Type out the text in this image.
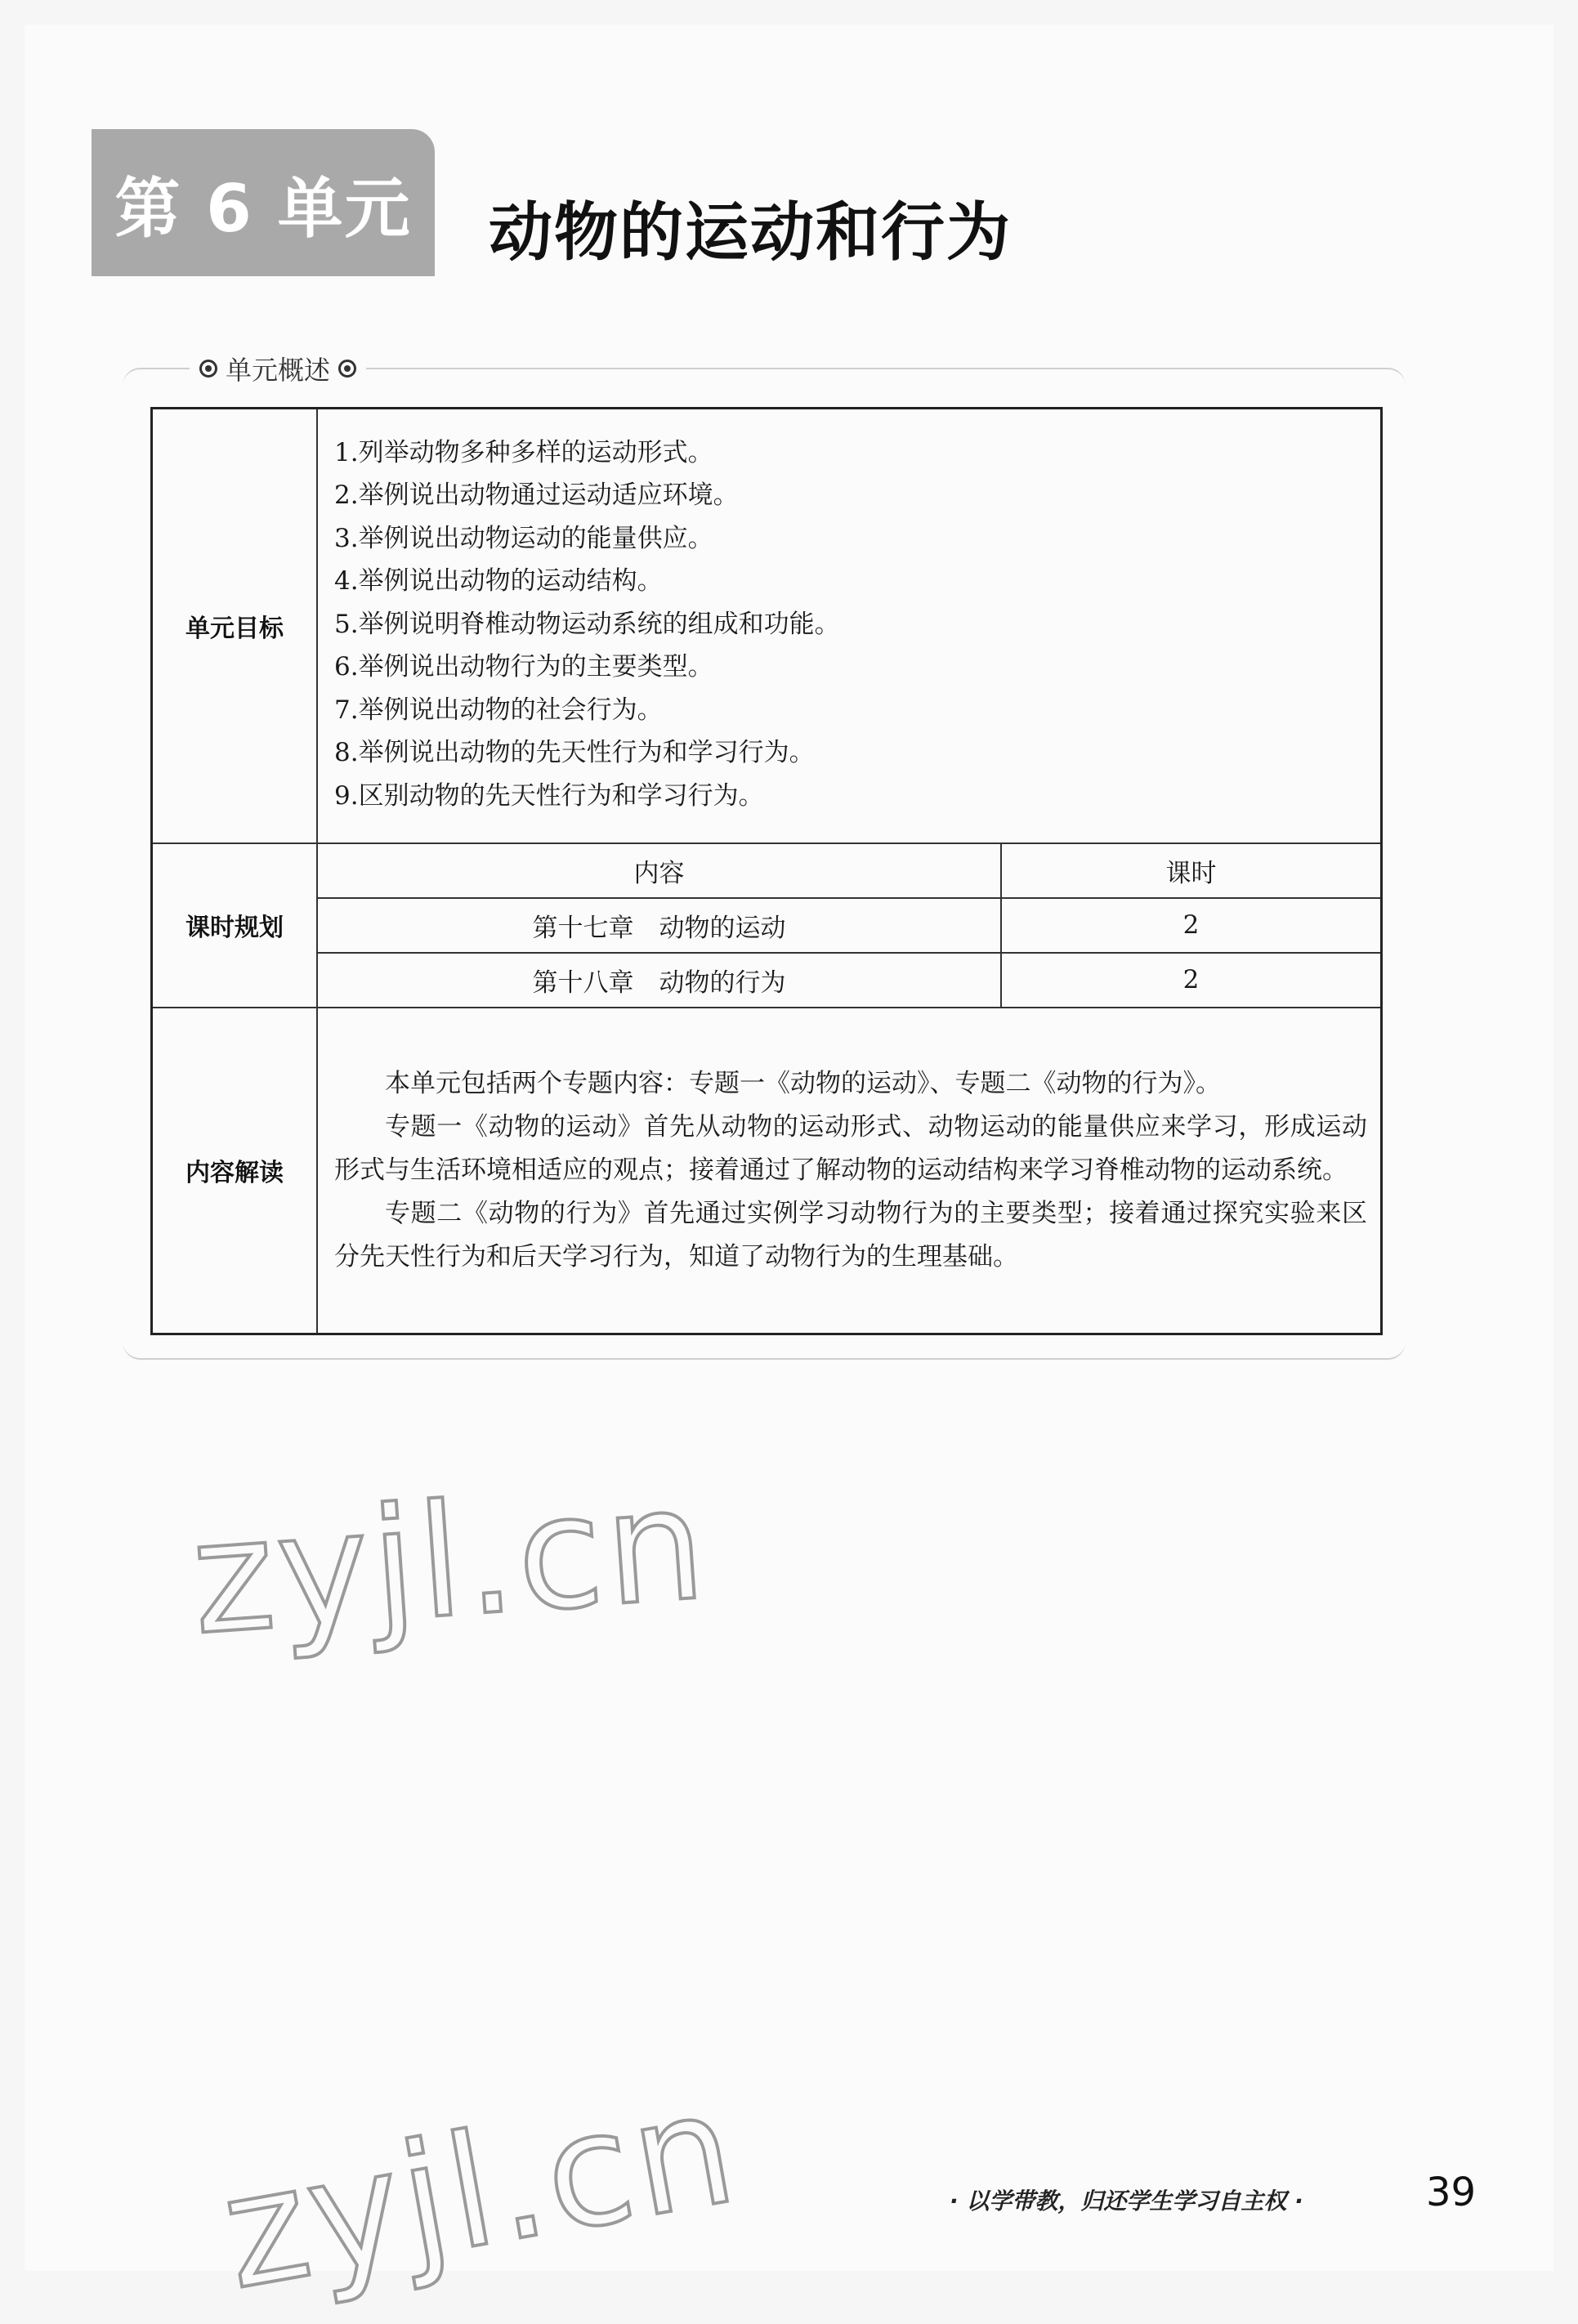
第 6 单元 动物的运动和行为
单元概述
单元目标	
1.列举动物多种多样的运动形式。
2.举例说出动物通过运动适应环境。
3.举例说出动物运动的能量供应。
4.举例说出动物的运动结构。
5.举例说明脊椎动物运动系统的组成和功能。
6.举例说出动物行为的主要类型。
7.举例说出动物的社会行为。
8.举例说出动物的先天性行为和学习行为。
9.区别动物的先天性行为和学习行为。

课时规划	
内容	课时
第十七章　动物的运动	2
第十八章　动物的行为	2

内容解读	

本单元包括两个专题内容：专题一《动物的运动》、专题二《动物的行为》。

专题一《动物的运动》首先从动物的运动形式、动物运动的能量供应来学习，形成运动形式与生活环境相适应的观点；接着通过了解动物的运动结构来学习脊椎动物的运动系统。

专题二《动物的行为》首先通过实例学习动物行为的主要类型；接着通过探究实验来区分先天性行为和后天学习行为，知道了动物行为的生理基础。

zyjl.cn
zyjl.cn	· 以学带教，归还学生学习自主权 ·	39
